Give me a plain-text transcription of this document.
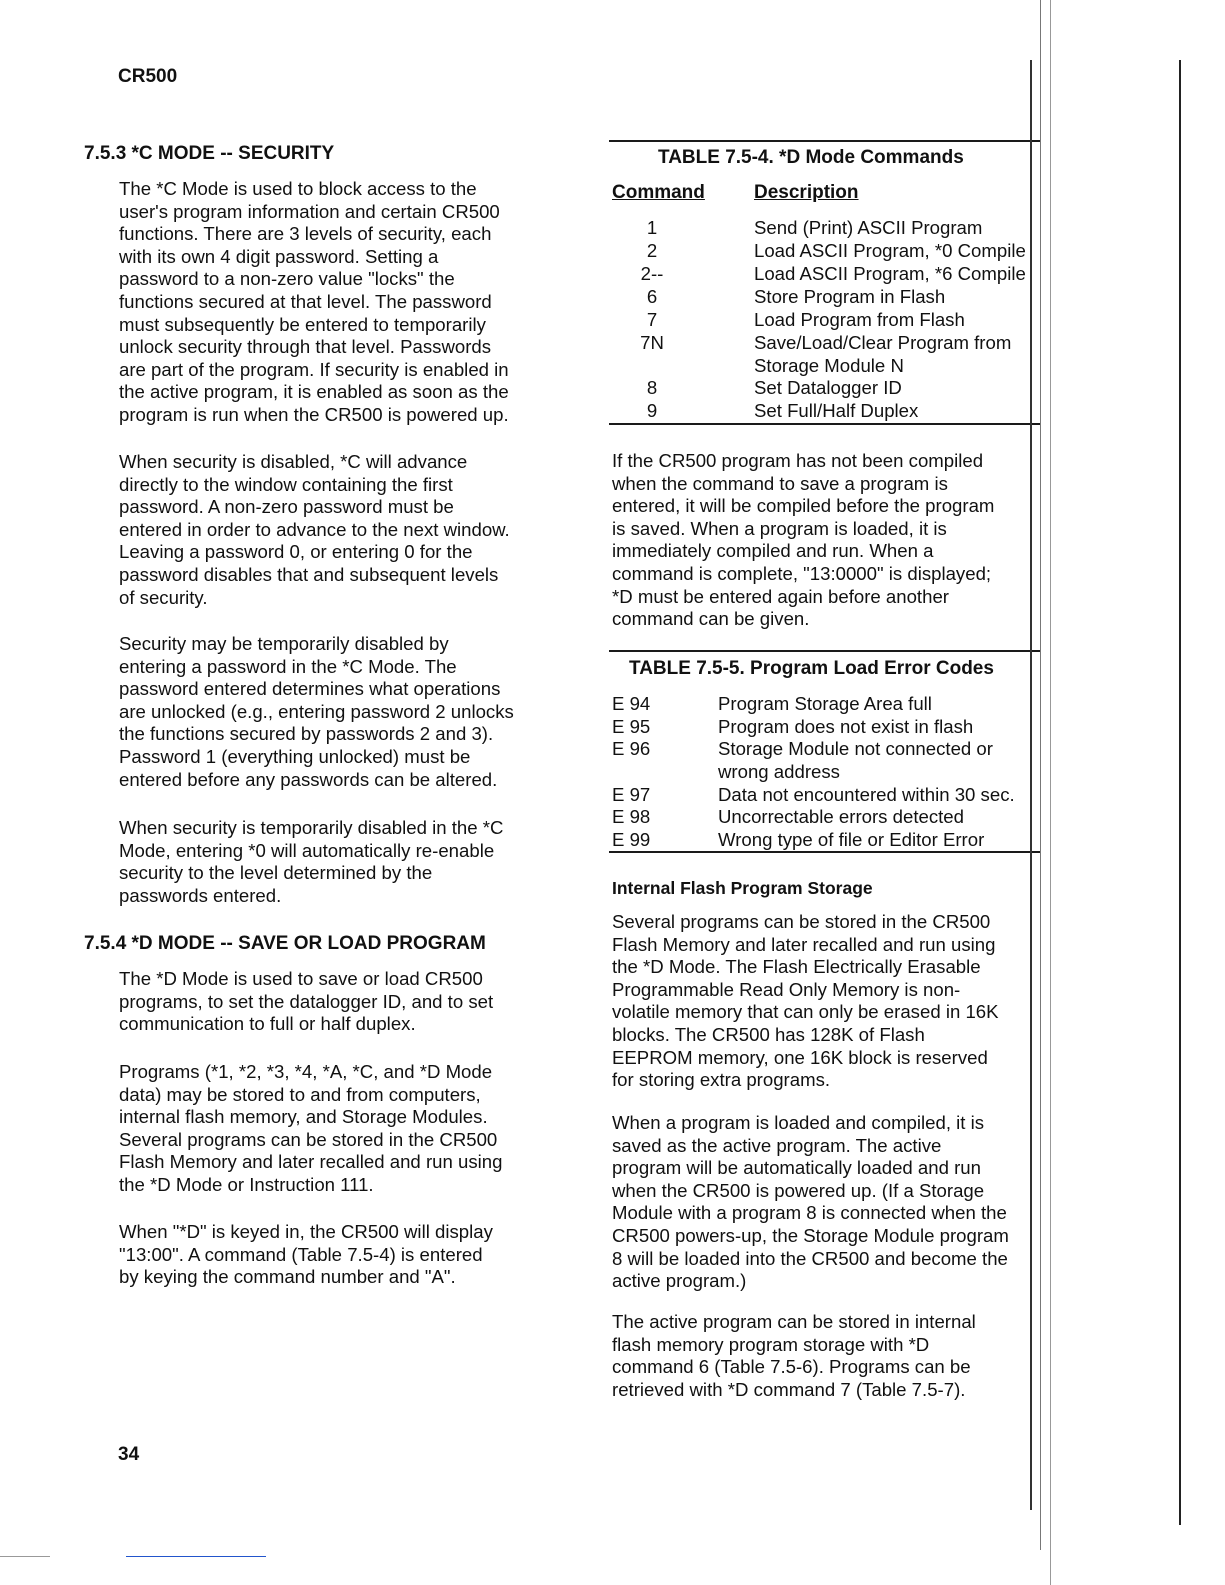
CR500
7.5.3 *C MODE -- SECURITY
The *C Mode is used to block access to the
user's program information and certain CR500
functions. There are 3 levels of security, each
with its own 4 digit password. Setting a
password to a non-zero value "locks" the
functions secured at that level. The password
must subsequently be entered to temporarily
unlock security through that level. Passwords
are part of the program. If security is enabled in
the active program, it is enabled as soon as the
program is run when the CR500 is powered up.
When security is disabled, *C will advance
directly to the window containing the first
password. A non-zero password must be
entered in order to advance to the next window.
Leaving a password 0, or entering 0 for the
password disables that and subsequent levels
of security.
Security may be temporarily disabled by
entering a password in the *C Mode. The
password entered determines what operations
are unlocked (e.g., entering password 2 unlocks
the functions secured by passwords 2 and 3).
Password 1 (everything unlocked) must be
entered before any passwords can be altered.
When security is temporarily disabled in the *C
Mode, entering *0 will automatically re-enable
security to the level determined by the
passwords entered.
7.5.4 *D MODE -- SAVE OR LOAD PROGRAM
The *D Mode is used to save or load CR500
programs, to set the datalogger ID, and to set
communication to full or half duplex.
Programs (*1, *2, *3, *4, *A, *C, and *D Mode
data) may be stored to and from computers,
internal flash memory, and Storage Modules.
Several programs can be stored in the CR500
Flash Memory and later recalled and run using
the *D Mode or Instruction 111.
When "*D" is keyed in, the CR500 will display
"13:00". A command (Table 7.5-4) is entered
by keying the command number and "A".
34
TABLE 7.5-4. *D Mode Commands
Command	Description
1	Send (Print) ASCII Program
2	Load ASCII Program, *0 Compile
2--	Load ASCII Program, *6 Compile
6	Store Program in Flash
7	Load Program from Flash
7N	Save/Load/Clear Program from
Storage Module N
8	Set Datalogger ID
9	Set Full/Half Duplex
If the CR500 program has not been compiled
when the command to save a program is
entered, it will be compiled before the program
is saved. When a program is loaded, it is
immediately compiled and run. When a
command is complete, "13:0000" is displayed;
*D must be entered again before another
command can be given.
TABLE 7.5-5. Program Load Error Codes
E 94	Program Storage Area full
E 95	Program does not exist in flash
E 96	Storage Module not connected or
wrong address
E 97	Data not encountered within 30 sec.
E 98	Uncorrectable errors detected
E 99	Wrong type of file or Editor Error
Internal Flash Program Storage
Several programs can be stored in the CR500
Flash Memory and later recalled and run using
the *D Mode. The Flash Electrically Erasable
Programmable Read Only Memory is non-
volatile memory that can only be erased in 16K
blocks. The CR500 has 128K of Flash
EEPROM memory, one 16K block is reserved
for storing extra programs.
When a program is loaded and compiled, it is
saved as the active program. The active
program will be automatically loaded and run
when the CR500 is powered up. (If a Storage
Module with a program 8 is connected when the
CR500 powers-up, the Storage Module program
8 will be loaded into the CR500 and become the
active program.)
The active program can be stored in internal
flash memory program storage with *D
command 6 (Table 7.5-6). Programs can be
retrieved with *D command 7 (Table 7.5-7).
